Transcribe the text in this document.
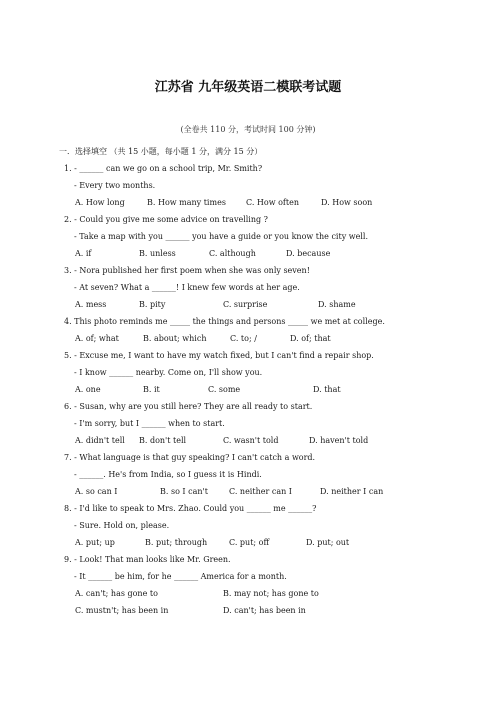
江苏省 九年级英语二模联考试题
(全卷共 110 分，考试时间 100 分钟)
一．选择填空 （共 15 小题，每小题 1 分，满分 15 分）
1. - ______ can we go on a school trip, Mr. Smith?
- Every two months.
A. How long	B. How many times	C. How often	D. How soon
2. - Could you give me some advice on travelling ?
- Take a map with you ______ you have a guide or you know the city well.
A. if	B. unless	C. although	D. because
3. - Nora published her first poem when she was only seven!
- At seven? What a ______! I knew few words at her age.
A. mess	B. pity	C. surprise	D. shame
4. This photo reminds me _____ the things and persons _____ we met at college.
A. of; what	B. about; which	C. to; /	D. of; that
5. - Excuse me, I want to have my watch fixed, but I can't find a repair shop.
- I know ______ nearby. Come on, I'll show you.
A. one	B. it	C. some	D. that
6. - Susan, why are you still here? They are all ready to start.
- I'm sorry, but I ______ when to start.
A. didn't tell B. don't tell	C. wasn't told	D. haven't told
7. - What language is that guy speaking? I can't catch a word.
- ______. He's from India, so I guess it is Hindi.
A. so can I	B. so I can't	C. neither can I	D. neither I can
8. - I'd like to speak to Mrs. Zhao. Could you ______ me ______?
- Sure. Hold on, please.
A. put; up	B. put; through	C. put; off	D. put; out
9. - Look! That man looks like Mr. Green.
- It ______ be him, for he ______ America for a month.
A. can't; has gone to	B. may not; has gone to
C. mustn't; has been in	D. can't; has been in
